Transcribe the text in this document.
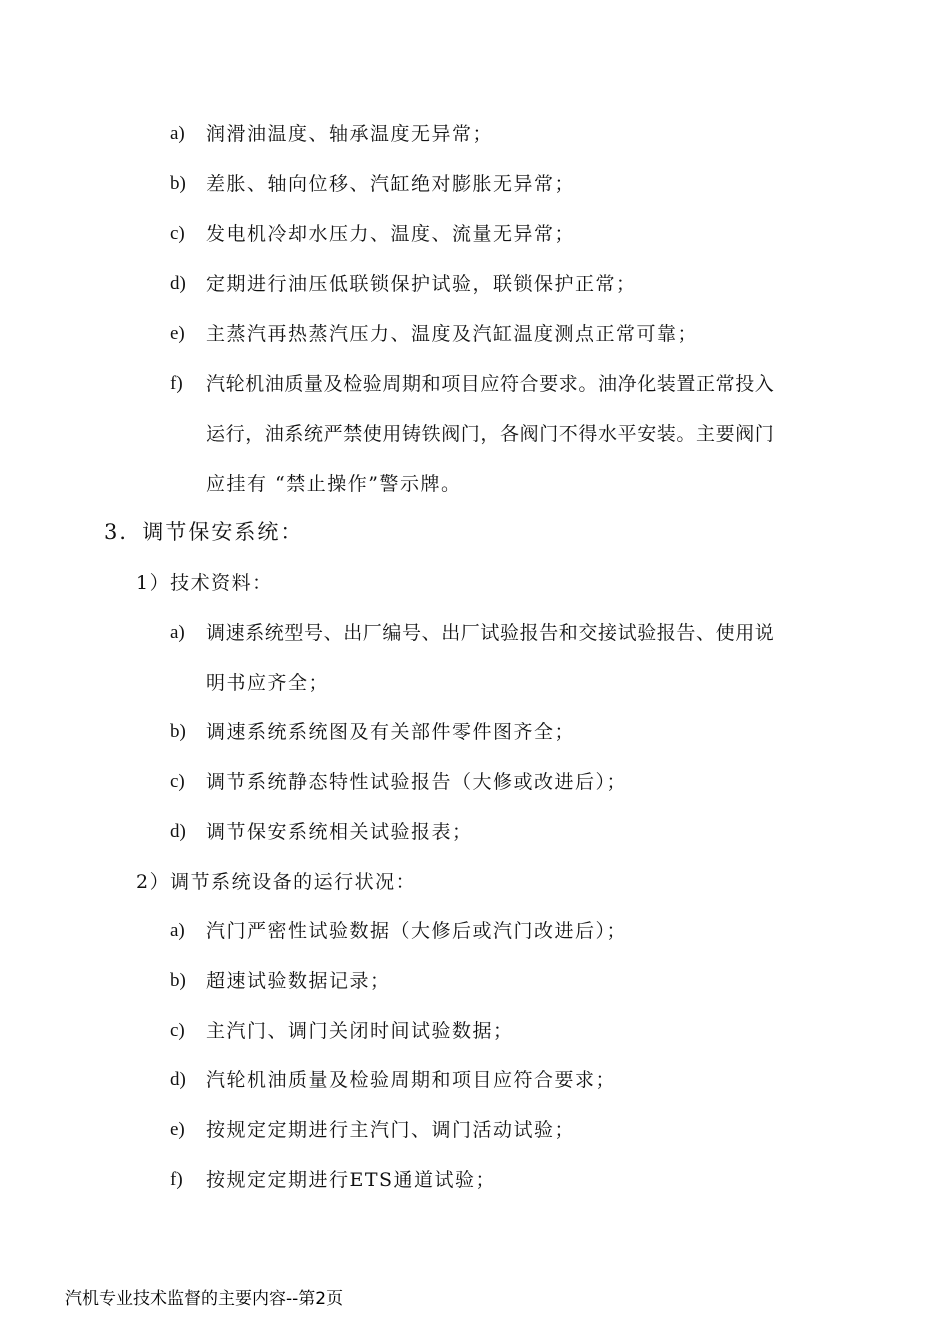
a) 润滑油温度、轴承温度无异常；
b) 差胀、轴向位移、汽缸绝对膨胀无异常；
c) 发电机冷却水压力、温度、流量无异常；
d) 定期进行油压低联锁保护试验，联锁保护正常；
e) 主蒸汽再热蒸汽压力、温度及汽缸温度测点正常可靠；
f) 汽轮机油质量及检验周期和项目应符合要求。油净化装置正常投入
运行，油系统严禁使用铸铁阀门，各阀门不得水平安装。主要阀门
应挂有 “禁止操作”警示牌。
3．调节保安系统：
1）技术资料：
a) 调速系统型号、出厂编号、出厂试验报告和交接试验报告、使用说
明书应齐全；
b) 调速系统系统图及有关部件零件图齐全；
c) 调节系统静态特性试验报告（大修或改进后）；
d) 调节保安系统相关试验报表；
2）调节系统设备的运行状况：
a) 汽门严密性试验数据（大修后或汽门改进后）；
b) 超速试验数据记录；
c) 主汽门、调门关闭时间试验数据；
d) 汽轮机油质量及检验周期和项目应符合要求；
e) 按规定定期进行主汽门、调门活动试验；
f) 按规定定期进行ETS通道试验；
汽机专业技术监督的主要内容--第2页
